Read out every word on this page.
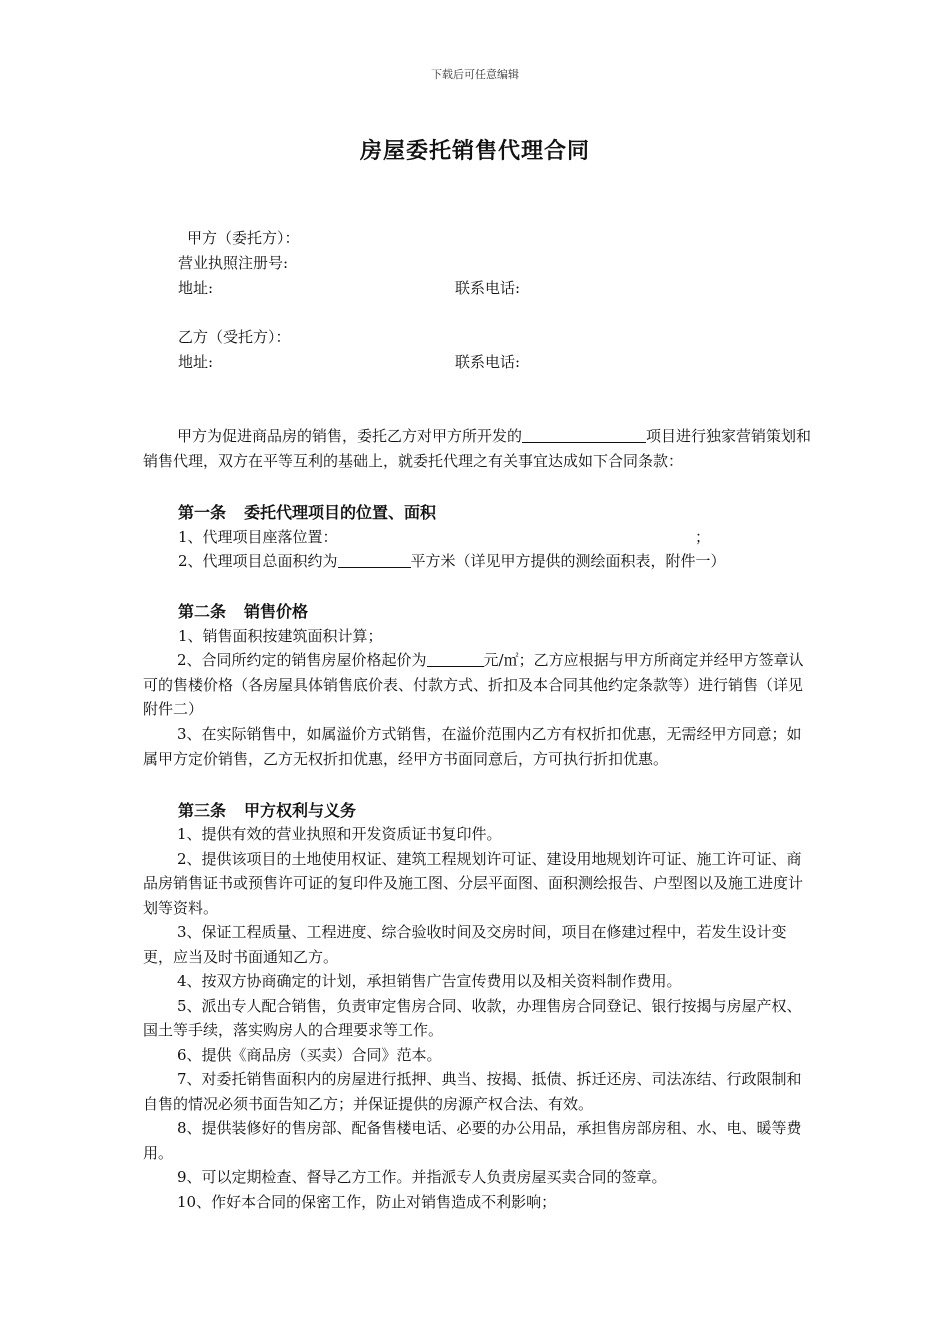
下载后可任意编辑
房屋委托销售代理合同
甲方（委托方）：
营业执照注册号:
地址:	联系电话:
乙方（受托方）：
地址:	联系电话:

甲方为促进商品房的销售，委托乙方对甲方所开发的	项目进行独家营销策划和销售代理，双方在平等互利的基础上，就委托代理之有关事宜达成如下合同条款：

第一条 委托代理项目的位置、面积
1、代理项目座落位置：	；
2、代理项目总面积约为	平方米（详见甲方提供的测绘面积表，附件一）
第二条 销售价格
1、销售面积按建筑面积计算；

2、合同所约定的销售房屋价格起价为	元/㎡；乙方应根据与甲方所商定并经甲方签章认可的售楼价格（各房屋具体销售底价表、付款方式、折扣及本合同其他约定条款等）进行销售（详见附件二）

3、在实际销售中，如属溢价方式销售，在溢价范围内乙方有权折扣优惠，无需经甲方同意；如属甲方定价销售，乙方无权折扣优惠，经甲方书面同意后，方可执行折扣优惠。

第三条 甲方权利与义务

1、提供有效的营业执照和开发资质证书复印件。

2、提供该项目的土地使用权证、建筑工程规划许可证、建设用地规划许可证、施工许可证、商品房销售证书或预售许可证的复印件及施工图、分层平面图、面积测绘报告、户型图以及施工进度计划等资料。

3、保证工程质量、工程进度、综合验收时间及交房时间，项目在修建过程中，若发生设计变更，应当及时书面通知乙方。

4、按双方协商确定的计划，承担销售广告宣传费用以及相关资料制作费用。

5、派出专人配合销售，负责审定售房合同、收款，办理售房合同登记、银行按揭与房屋产权、国土等手续，落实购房人的合理要求等工作。

6、提供《商品房（买卖）合同》范本。

7、对委托销售面积内的房屋进行抵押、典当、按揭、抵债、拆迁还房、司法冻结、行政限制和自售的情况必须书面告知乙方；并保证提供的房源产权合法、有效。

8、提供装修好的售房部、配备售楼电话、必要的办公用品，承担售房部房租、水、电、暖等费用。

9、可以定期检查、督导乙方工作。并指派专人负责房屋买卖合同的签章。

10、作好本合同的保密工作，防止对销售造成不利影响；
